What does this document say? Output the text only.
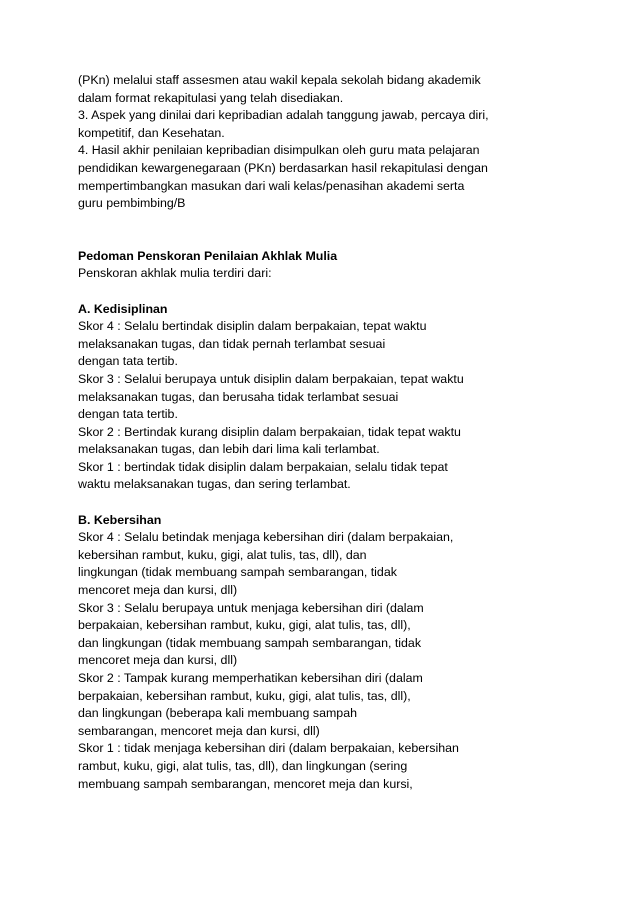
(PKn) melalui staff assesmen atau wakil kepala sekolah bidang akademik
dalam format rekapitulasi yang telah disediakan.
3. Aspek yang dinilai dari kepribadian adalah tanggung jawab, percaya diri,
kompetitif, dan Kesehatan.
4. Hasil akhir penilaian kepribadian disimpulkan oleh guru mata pelajaran
pendidikan kewargenegaraan (PKn) berdasarkan hasil rekapitulasi dengan
mempertimbangkan masukan dari wali kelas/penasihan akademi serta
guru pembimbing/B
Pedoman Penskoran Penilaian Akhlak Mulia
Penskoran akhlak mulia terdiri dari:
A. Kedisiplinan
Skor 4 : Selalu bertindak disiplin dalam berpakaian, tepat waktu
melaksanakan tugas, dan tidak pernah terlambat sesuai
dengan tata tertib.
Skor 3 : Selalui berupaya untuk disiplin dalam berpakaian, tepat waktu
melaksanakan tugas, dan berusaha tidak terlambat sesuai
dengan tata tertib.
Skor 2 : Bertindak kurang disiplin dalam berpakaian, tidak tepat waktu
melaksanakan tugas, dan lebih dari lima kali terlambat.
Skor 1 : bertindak tidak disiplin dalam berpakaian, selalu tidak tepat
waktu melaksanakan tugas, dan sering terlambat.
B. Kebersihan
Skor 4 : Selalu betindak menjaga kebersihan diri (dalam berpakaian,
kebersihan rambut, kuku, gigi, alat tulis, tas, dll), dan
lingkungan (tidak membuang sampah sembarangan, tidak
mencoret meja dan kursi, dll)
Skor 3 : Selalu berupaya untuk menjaga kebersihan diri (dalam
berpakaian, kebersihan rambut, kuku, gigi, alat tulis, tas, dll),
dan lingkungan (tidak membuang sampah sembarangan, tidak
mencoret meja dan kursi, dll)
Skor 2 : Tampak kurang memperhatikan kebersihan diri (dalam
berpakaian, kebersihan rambut, kuku, gigi, alat tulis, tas, dll),
dan lingkungan (beberapa kali membuang sampah
sembarangan, mencoret meja dan kursi, dll)
Skor 1 : tidak menjaga kebersihan diri (dalam berpakaian, kebersihan
rambut, kuku, gigi, alat tulis, tas, dll), dan lingkungan (sering
membuang sampah sembarangan, mencoret meja dan kursi,
